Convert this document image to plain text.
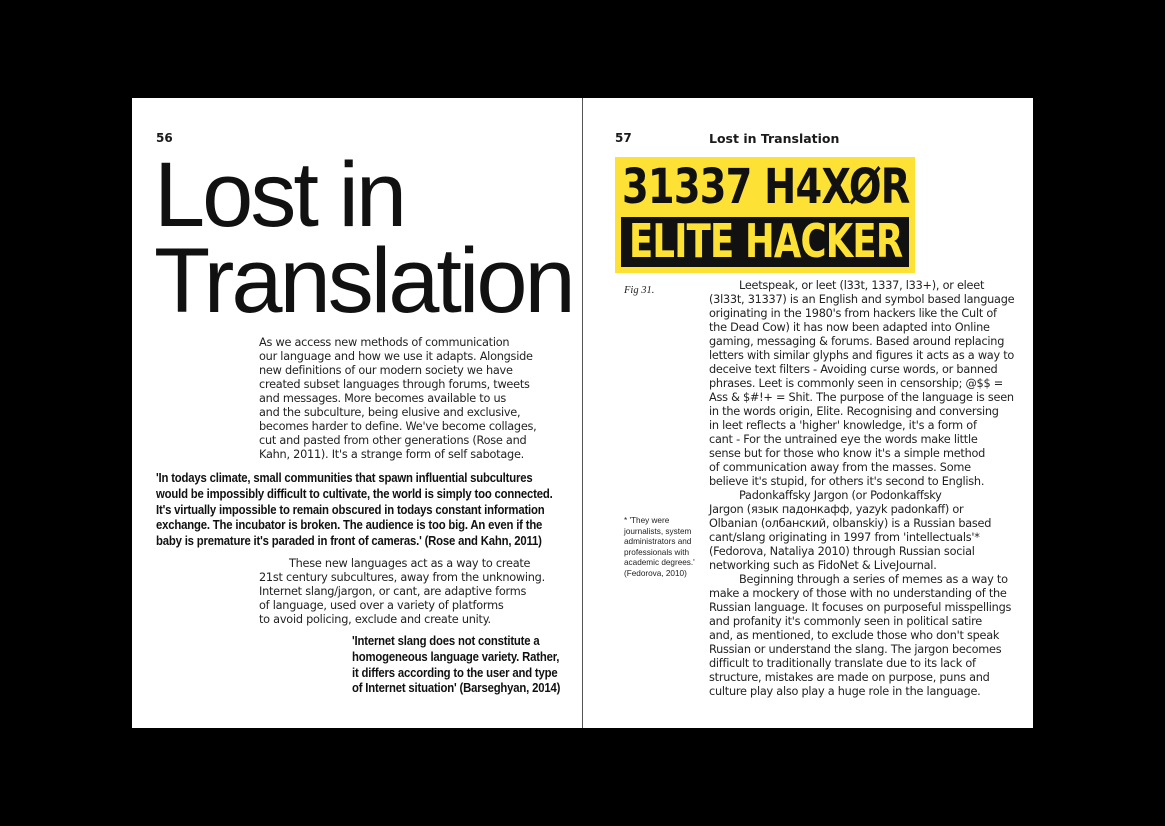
56
Lost in
Translation

As we access new methods of communication
our language and how we use it adapts. Alongside
new definitions of our modern society we have
created subset languages through forums, tweets
and messages. More becomes available to us
and the subculture, being elusive and exclusive,
becomes harder to define. We've become collages,
cut and pasted from other generations (Rose and
Kahn, 2011). It's a strange form of self sabotage.

'In todays climate, small communities that spawn influential subcultures
would be impossibly difficult to cultivate, the world is simply too connected.
It's virtually impossible to remain obscured in todays constant information
exchange. The incubator is broken. The audience is too big. An even if the
baby is premature it's paraded in front of cameras.' (Rose and Kahn, 2011)

These new languages act as a way to create
21st century subcultures, away from the unknowing.
Internet slang/jargon, or cant, are adaptive forms
of language, used over a variety of platforms
to avoid policing, exclude and create unity.

'Internet slang does not constitute a
homogeneous language variety. Rather,
it differs according to the user and type
of Internet situation' (Barseghyan, 2014)

57	Lost in Translation
31337 H4XØR
ELITE HACKER
Fig 31.

* 'They were
journalists, system
administrators and
professionals with
academic degrees.'
(Fedorova, 2010)

Leetspeak, or leet (l33t, 1337, l33+), or eleet
(3l33t, 31337) is an English and symbol based language
originating in the 1980's from hackers like the Cult of
the Dead Cow) it has now been adapted into Online
gaming, messaging & forums. Based around replacing
letters with similar glyphs and figures it acts as a way to
deceive text filters - Avoiding curse words, or banned
phrases. Leet is commonly seen in censorship; @$$ =
Ass & $#!+ = Shit. The purpose of the language is seen
in the words origin, Elite. Recognising and conversing
in leet reflects a 'higher' knowledge, it's a form of
cant - For the untrained eye the words make little
sense but for those who know it's a simple method
of communication away from the masses. Some
believe it's stupid, for others it's second to English.
Padonkaffsky Jargon (or Podonkaffsky
Jargon (язык падонкафф, yazyk padonkaff) or
Olbanian (олбанский, olbanskiy) is a Russian based
cant/slang originating in 1997 from 'intellectuals'*
(Fedorova, Nataliya 2010) through Russian social
networking such as FidoNet & LiveJournal.
Beginning through a series of memes as a way to
make a mockery of those with no understanding of the
Russian language. It focuses on purposeful misspellings
and profanity it's commonly seen in political satire
and, as mentioned, to exclude those who don't speak
Russian or understand the slang. The jargon becomes
difficult to traditionally translate due to its lack of
structure, mistakes are made on purpose, puns and
culture play also play a huge role in the language.
